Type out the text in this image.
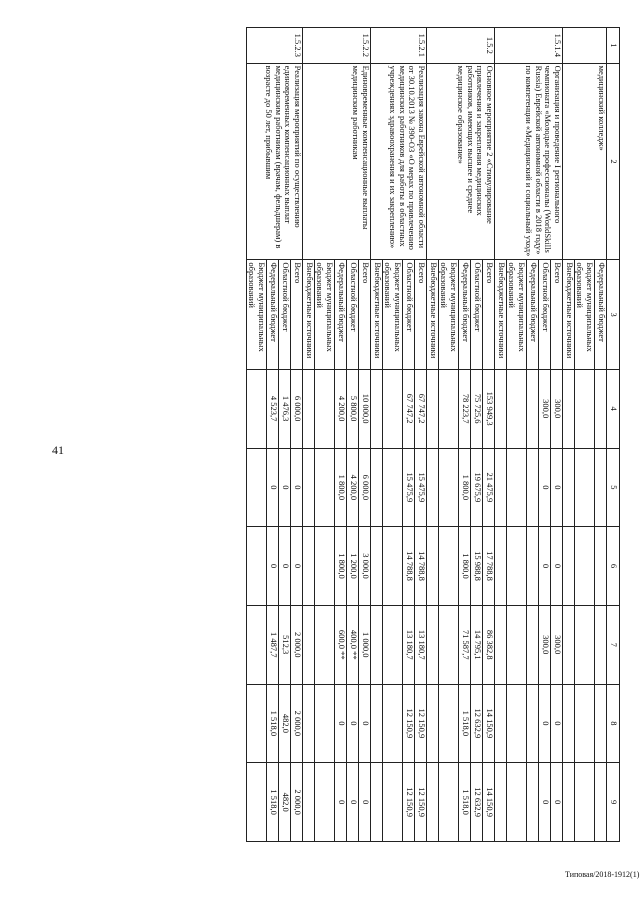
41
1	2	3	4	5	6	7	8	9
	медицинский колледж»	Федеральный бюджет						
		Бюджет муниципальных образований						
		Внебюджетные источники						
1.5.1.4	Организация и проведение I регионального чемпионата «Молодые профессионалы (WorldSkills Russia) Еврейской автономной области в 2018 году» по компетенции «Медицинский и социальный уход»	Всего	300,0	0	0	300,0	0	0
		Областной бюджет	300,0	0	0	300,0	0	0
		Федеральный бюджет						
		Бюджет муниципальных образований						
		Внебюджетные источники						
1.5.2	Основное мероприятие 2 «Стимулирование привлечения и закрепления медицинских работников, имеющих высшее и среднее медицинское образование»	Всего	153 949,3	21 475,9	17 788,8	86 382,8	14 150,9	14 150,9
		Областной бюджет	75 725,6	19 675,9	15 988,8	14 795,1	12 632,9	12 632,9
		Федеральный бюджет	78 223,7	1 800,0	1 800,0	71 587,7	1 518,0	1 518,0
		Бюджет муниципальных образований						
		Внебюджетные источники						
1.5.2.1	Реализация закона Еврейской автономной области от 30.10.2013 № 390-ОЗ «О мерах по привлечению медицинских работников для работы в областных учреждениях здравоохранения и их закреплению»	Всего	67 747,2	15 475,9	14 788,8	13 180,7	12 150,9	12 150,9
		Областной бюджет	67 747,2	15 475,9	14 788,8	13 180,7	12 150,9	12 150,9
		Бюджет муниципальных образований						
		Внебюджетные источники						
1.5.2.2	Единовременные компенсационные выплаты медицинским работникам	Всего	10 000,0	6 000,0	3 000,0	1 000,0	0	0
		Областной бюджет	5 800,0	4 200,0	1 200,0	400,0 **	0	0
		Федеральный бюджет	4 200,0	1 800,0	1 800,0	600,0 **	0	0
		Бюджет муниципальных образований						
		Внебюджетные источники						
1.5.2.3	Реализация мероприятий по осуществлению единовременных компенсационных выплат медицинским работникам (врачам, фельдшерам) в возрасте до 50 лет, прибывшим	Всего	6 000,0	0	0	2 000,0	2 000,0	2 000,0
		Областной бюджет	1 476,3	0	0	512,3	482,0	482,0
		Федеральный бюджет	4 523,7	0	0	1 487,7	1 518,0	1 518,0
		Бюджет муниципальных образований						
Типовая/2018-1912(1)
